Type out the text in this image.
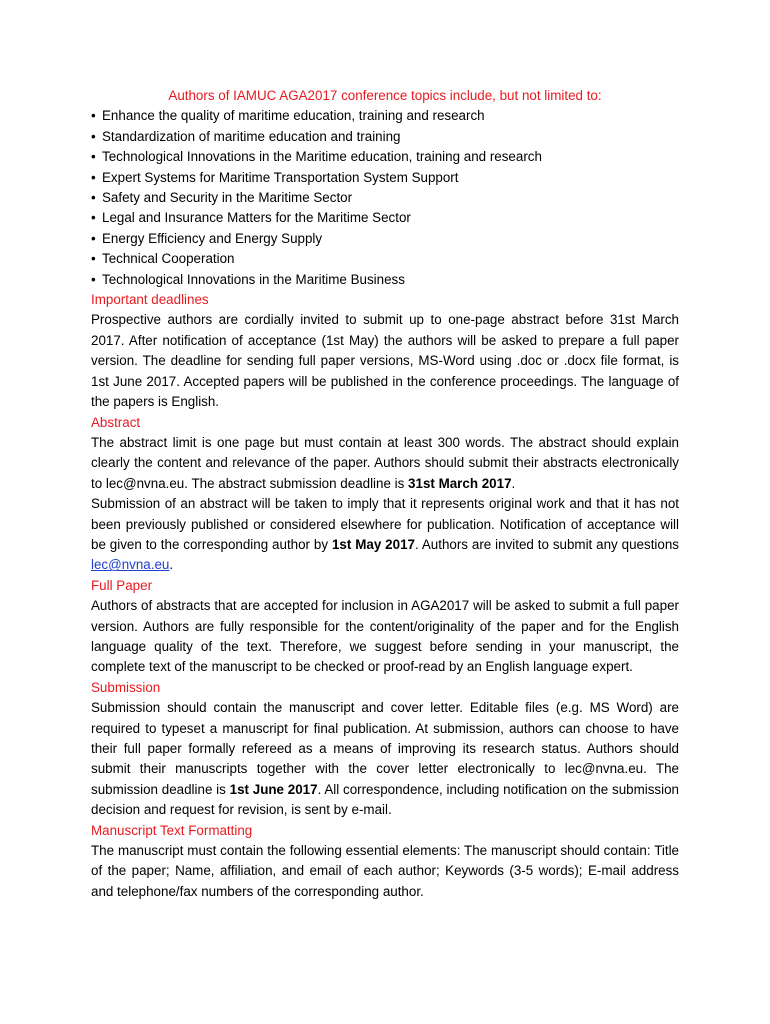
Authors of IAMUC AGA2017 conference topics include, but not limited to:
• Enhance the quality of maritime education, training and research
• Standardization of maritime education and training
• Technological Innovations in the Maritime education, training and research
• Expert Systems for Maritime Transportation System Support
• Safety and Security in the Maritime Sector
• Legal and Insurance Matters for the Maritime Sector
• Energy Efficiency and Energy Supply
• Technical Cooperation
• Technological Innovations in the Maritime Business
Important deadlines

Prospective authors are cordially invited to submit up to one-page abstract before 31st March 2017. After notification of acceptance (1st May) the authors will be asked to prepare a full paper version. The deadline for sending full paper versions, MS-Word using .doc or .docx file format, is 1st June 2017. Accepted papers will be published in the conference proceedings. The language of the papers is English.

Abstract

The abstract limit is one page but must contain at least 300 words. The abstract should explain clearly the content and relevance of the paper. Authors should submit their abstracts electronically to lec@nvna.eu. The abstract submission deadline is 31st March 2017.

Submission of an abstract will be taken to imply that it represents original work and that it has not been previously published or considered elsewhere for publication. Notification of acceptance will be given to the corresponding author by 1st May 2017. Authors are invited to submit any questions lec@nvna.eu.

Full Paper

Authors of abstracts that are accepted for inclusion in AGA2017 will be asked to submit a full paper version. Authors are fully responsible for the content/originality of the paper and for the English language quality of the text. Therefore, we suggest before sending in your manuscript, the complete text of the manuscript to be checked or proof-read by an English language expert.

Submission

Submission should contain the manuscript and cover letter. Editable files (e.g. MS Word) are required to typeset a manuscript for final publication. At submission, authors can choose to have their full paper formally refereed as a means of improving its research status. Authors should submit their manuscripts together with the cover letter electronically to lec@nvna.eu. The submission deadline is 1st June 2017. All correspondence, including notification on the submission decision and request for revision, is sent by e-mail.

Manuscript Text Formatting

The manuscript must contain the following essential elements: The manuscript should contain: Title of the paper; Name, affiliation, and email of each author; Keywords (3-5 words); E-mail address and telephone/fax numbers of the corresponding author.
